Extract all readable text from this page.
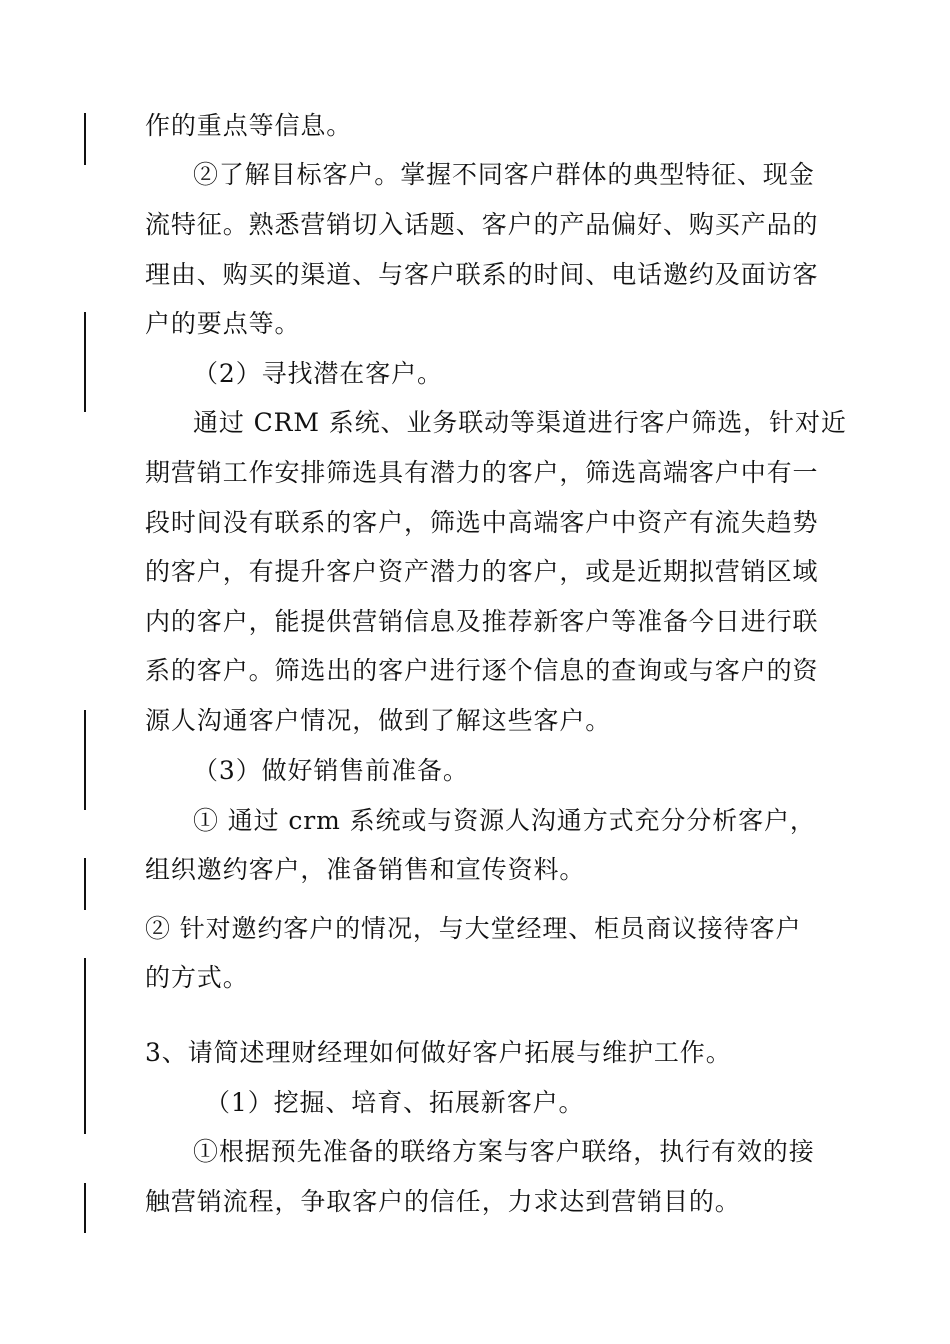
作的重点等信息。
②了解目标客户。掌握不同客户群体的典型特征、现金
流特征。熟悉营销切入话题、客户的产品偏好、购买产品的
理由、购买的渠道、与客户联系的时间、电话邀约及面访客
户的要点等。
（2）寻找潜在客户。
通过 CRM 系统、业务联动等渠道进行客户筛选，针对近
期营销工作安排筛选具有潜力的客户，筛选高端客户中有一
段时间没有联系的客户，筛选中高端客户中资产有流失趋势
的客户，有提升客户资产潜力的客户，或是近期拟营销区域
内的客户，能提供营销信息及推荐新客户等准备今日进行联
系的客户。筛选出的客户进行逐个信息的查询或与客户的资
源人沟通客户情况，做到了解这些客户。
（3）做好销售前准备。
① 通过 crm 系统或与资源人沟通方式充分分析客户，
组织邀约客户，准备销售和宣传资料。
② 针对邀约客户的情况，与大堂经理、柜员商议接待客户
的方式。
3、请简述理财经理如何做好客户拓展与维护工作。
（1）挖掘、培育、拓展新客户。
①根据预先准备的联络方案与客户联络，执行有效的接
触营销流程，争取客户的信任，力求达到营销目的。
